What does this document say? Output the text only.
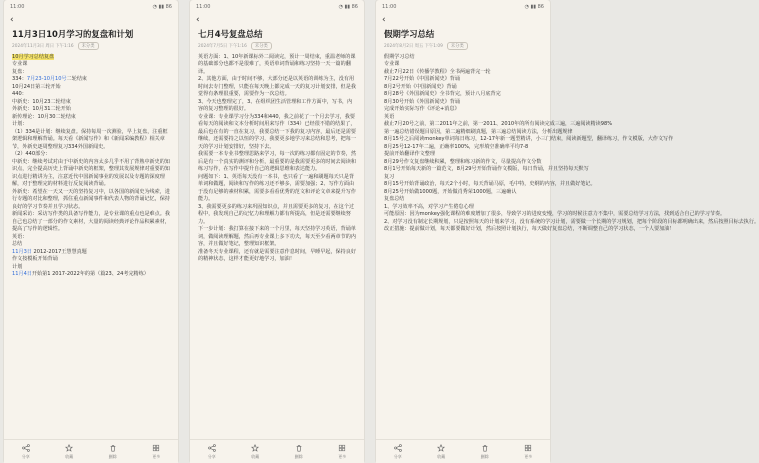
11:00	◔ ▮▮ 86
‹
11月3日10月学习的复盘和计划
2024年11月3日 周日 下午1:16	未分类
10月学习总结复盘
专业课
复盘：
334：7月23-10月10号二轮结束
10月24日第三轮开始
440：
中新史：10月23二轮结束
外新史：10月31二轮开始
新传理论：10月30二轮结束
计划：
（1）334是计划：继续复盘。保持每周一次测验，早上复盘，注重框架逻辑和理解背诵。每天看《新闻写作》和《新闻采编教程》相关章节，外新史逐周整理复习334外国新闻史。
（2）440部分：
中新史：继续考试对由于中新史的内容太多几乎不用了背熟中新史的知识点，完全提高历史上背诵中新史的框架，整理其发展规律对重要的知识点进行精讲为主，注意近代中国新闻事业的发展以及专题的深度理解，对于整理完的材料进行反复阅读背诵。
外新史：希望在一天又一天的坚持复习中，以各国的新闻史为线索，进行专题的对比和整理，抓住重点新闻事件和代表人物的背诵记忆，保持良好的学习节奏并且学习状态。
新闻采访：采访写作类的具备写作能力，是专业课的重点也是难点。我自己也总结了一部分的作文素材，大量的阅读经典评论作品积累素材，提高了写作的逻辑性。
英语：
总结
11月3日 2012-2017王慧慧真题
作文按模板开始背诵
计划
11月4日开始第1 2017-2022年的第（篇23、24考完精练）
分享	收藏	删除	更多
11:00	◔ ▮▮ 86
‹
七月4号复盘总结
2024年7月5日 下午1:16	未分类
英语方面：1、10年新课标外二阅读完，预计一周结束，重温老师的课的基础部分也都不是很难了，英语单词背诵和练习坚持一天一篇的翻译。
2、其他方面，由于时间不够，大部分还是以英语的训练为主，没有用时间去专门整理，只能在每天晚上都完成一天的复习计划安排，但是我觉得有条理很重要，需要作为一次总结。
3、今天也整理完了，3、在组织团生活管理和工作方面中，写书，内容的复习整理的很好。
专业课：专业课学习分为334和440，我之前花了一个月去学习，我要看每天的阅读和文本分析时间用来写作（334）已经很不错的结果了，最后也在有的一直在复习，我要总结一下我的复习内容，最后还是需要继续，还需要持之以恒的学习，我要更多地学习来总结和思考，把每一天的学习计划安排好，坚持下去。
我需要一本专业书整理思路来学习，每一次的练习都有固定的节奏，然后是有一个真实的测评和分析，最重要的是我需要更多的时间去阅读和练习写作，在写作中提升自己的逻辑思维和表达能力。
问题如下：1、英语每天没有一本书，也只看了一遍和刷题每天只是背单词和做题，阅读和写作的练习还不够多，需要加强；2、写作方面由于没有足够的素材积累，需要多看看优秀的范文和评论文章来提升写作能力。
3、我需要更多的练习来巩固知识点，并且需要更多的复习，在这个过程中，我发现自己的记忆力和理解力都有所提高，但是还需要继续努力。
下一步计划：我打算在接下来的一个月里，每天坚持学习英语，背诵单词，做阅读理解题，然后再专业课上多下功夫，每天至少看两章节的内容，并且做好笔记，整理知识框架。
准备冬天专业课程，还有就是需要注意作息时间，早睡早起，保持良好的精神状态，这样才能更好地学习，加油！
分享	收藏	删除	更多
11:00	◔ ▮▮ 86
‹
假期学习总结
2024年8月2日 周五 下午1:09	未分类
假期学习总结
专业课
截止7月22日《传播学教程》全书两遍背完一轮
7月22号开始《中国新闻史》背诵
8月2号开始《中国新闻史》背诵
8月28号《外国新闻史》全书背完，预计八月底背完
8月30号开始《外国新闻史》背诵
完成开始实际写作《评论+消息》
英语
截止7月20号之前，第二2011年之前，第一2011、2010年的所有阅读完成三遍，三遍阅读精读98%
第一遍总结错误题目原因，第二遍精细刷真题，第三遍总结阅读方法，分析出题规律
8月15号之后阅读monkey单词每日练习，12-17年新一题型精讲，小三门结束，阅读新题型，翻译练习，作文模版，大作文写作
8月25号12-17年二遍，正确率100%，完形填空准确率平均7-8
提前开始翻译作文整理
8月29号作文复盘继续积累，整理和练习新的作文，尽量提高作文分数
8月1号开始每天新的一篇范文，8月29号开始背诵作文模版，每日背诵，并且坚持每天默写
复习
8月15号开始背诵政治，每天2个小时，每天背诵马原，毛中特，史纲的内容，并且做好笔记。
8月25号开始做1000题，开始做肖秀荣1000题，三遍确认
复盘总结
1、学习效率不高，对学习产生倦怠心理
可能原因：因为monkey强化课程的难度增加了很多，导致学习的进度变慢，学习的时候注意力不集中，需要总结学习方法，找到适合自己的学习节奏。
2、对学习没有制定长期规划，只是按照每天的计划来学习，没有系统的学习计划，需要做一个长期的学习规划，把每个阶段的目标都明确出来，然后按照目标去执行。
改正措施：提前做计划，每天都要做好计划，然后按照计划执行，每天做好复盘总结，不断调整自己的学习状态，一个人要加油！
分享	收藏	删除	更多
